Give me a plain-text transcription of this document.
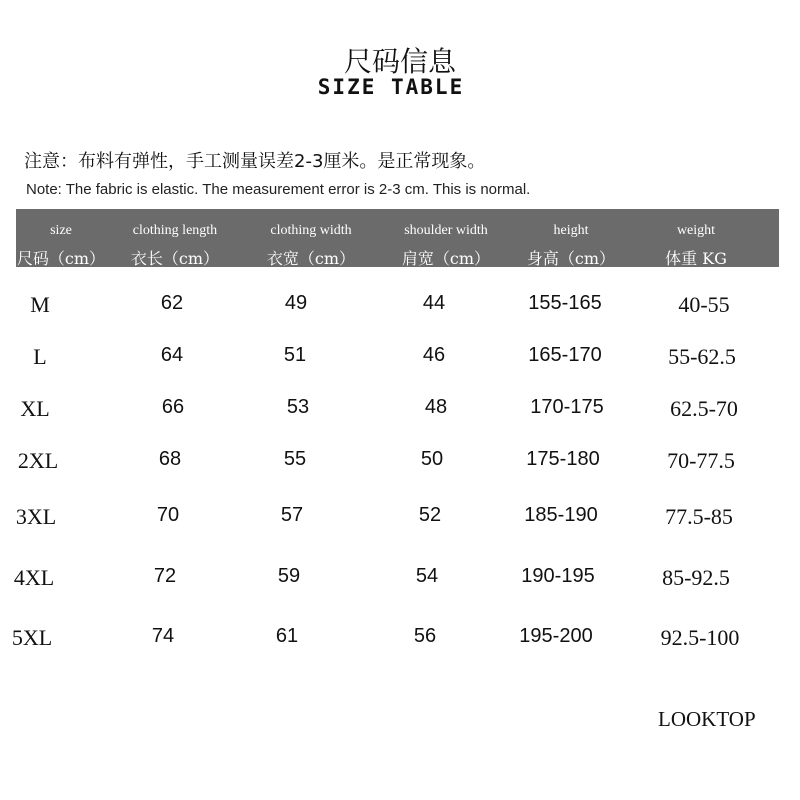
尺码信息
SIZE TABLE
注意：布料有弹性，手工测量误差2-3厘米。是正常现象。
Note: The fabric is elastic. The measurement error is 2-3 cm. This is normal.
size
尺码（cm）
clothing length
衣长（cm）
clothing width
衣宽（cm）
shoulder width
肩宽（cm）
height
身高（cm）
weight
体重 KG
M	62	49	44	155-165	40-55
L	64	51	46	165-170	55-62.5
XL	66	53	48	170-175	62.5-70
2XL	68	55	50	175-180	70-77.5
3XL	70	57	52	185-190	77.5-85
4XL	72	59	54	190-195	85-92.5
5XL	74	61	56	195-200	92.5-100
LOOKTOP
